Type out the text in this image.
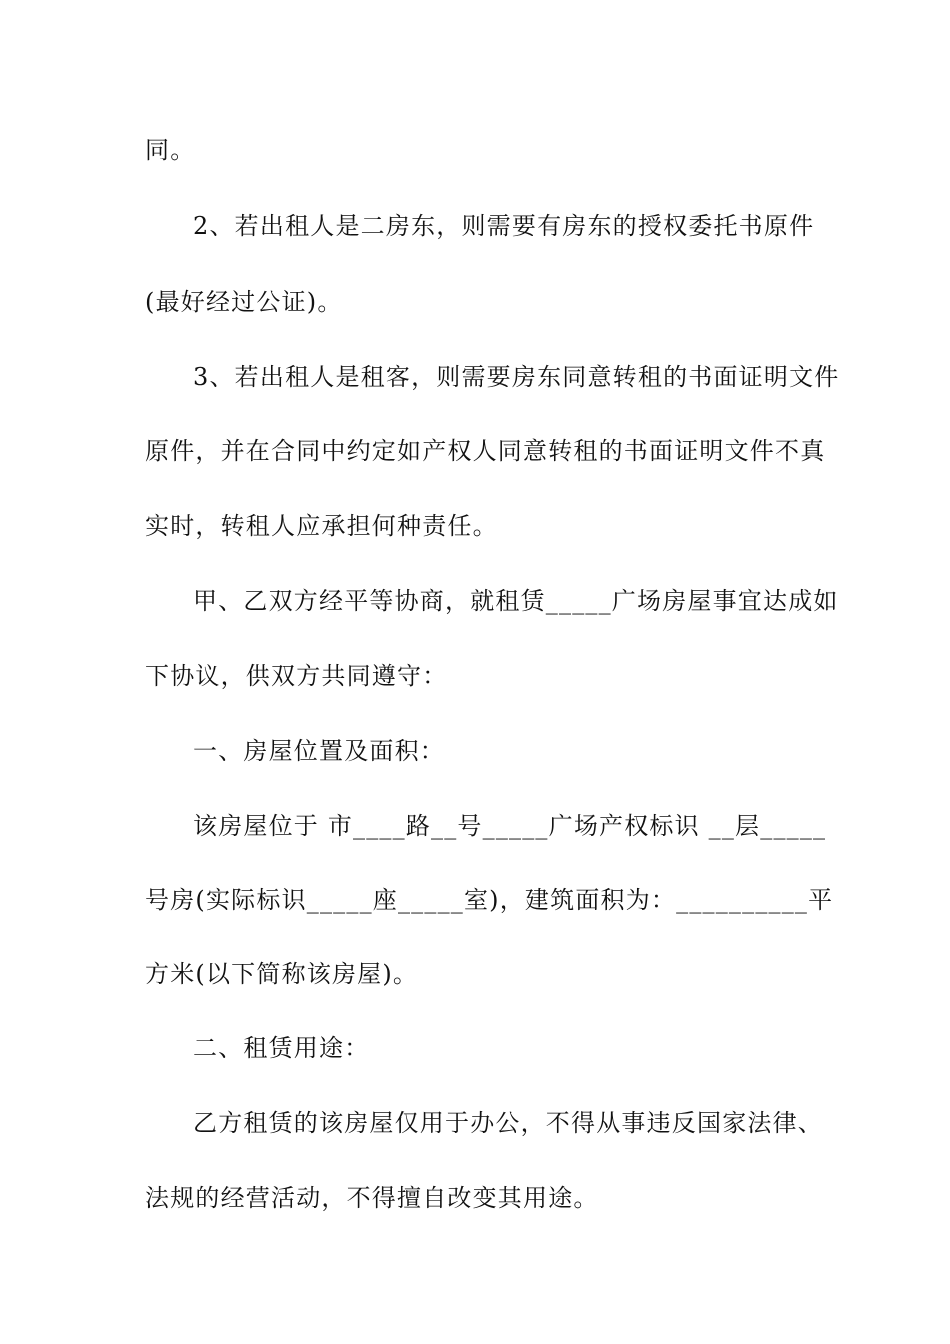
同。
2、若出租人是二房东，则需要有房东的授权委托书原件
(最好经过公证)。
3、若出租人是租客，则需要房东同意转租的书面证明文件
原件，并在合同中约定如产权人同意转租的书面证明文件不真
实时，转租人应承担何种责任。
甲、乙双方经平等协商，就租赁_____广场房屋事宜达成如
下协议，供双方共同遵守：
一、房屋位置及面积：
该房屋位于 市____路__号_____广场产权标识 __层_____
号房(实际标识_____座_____室)，建筑面积为：__________平
方米(以下简称该房屋)。
二、租赁用途：
乙方租赁的该房屋仅用于办公，不得从事违反国家法律、
法规的经营活动，不得擅自改变其用途。
